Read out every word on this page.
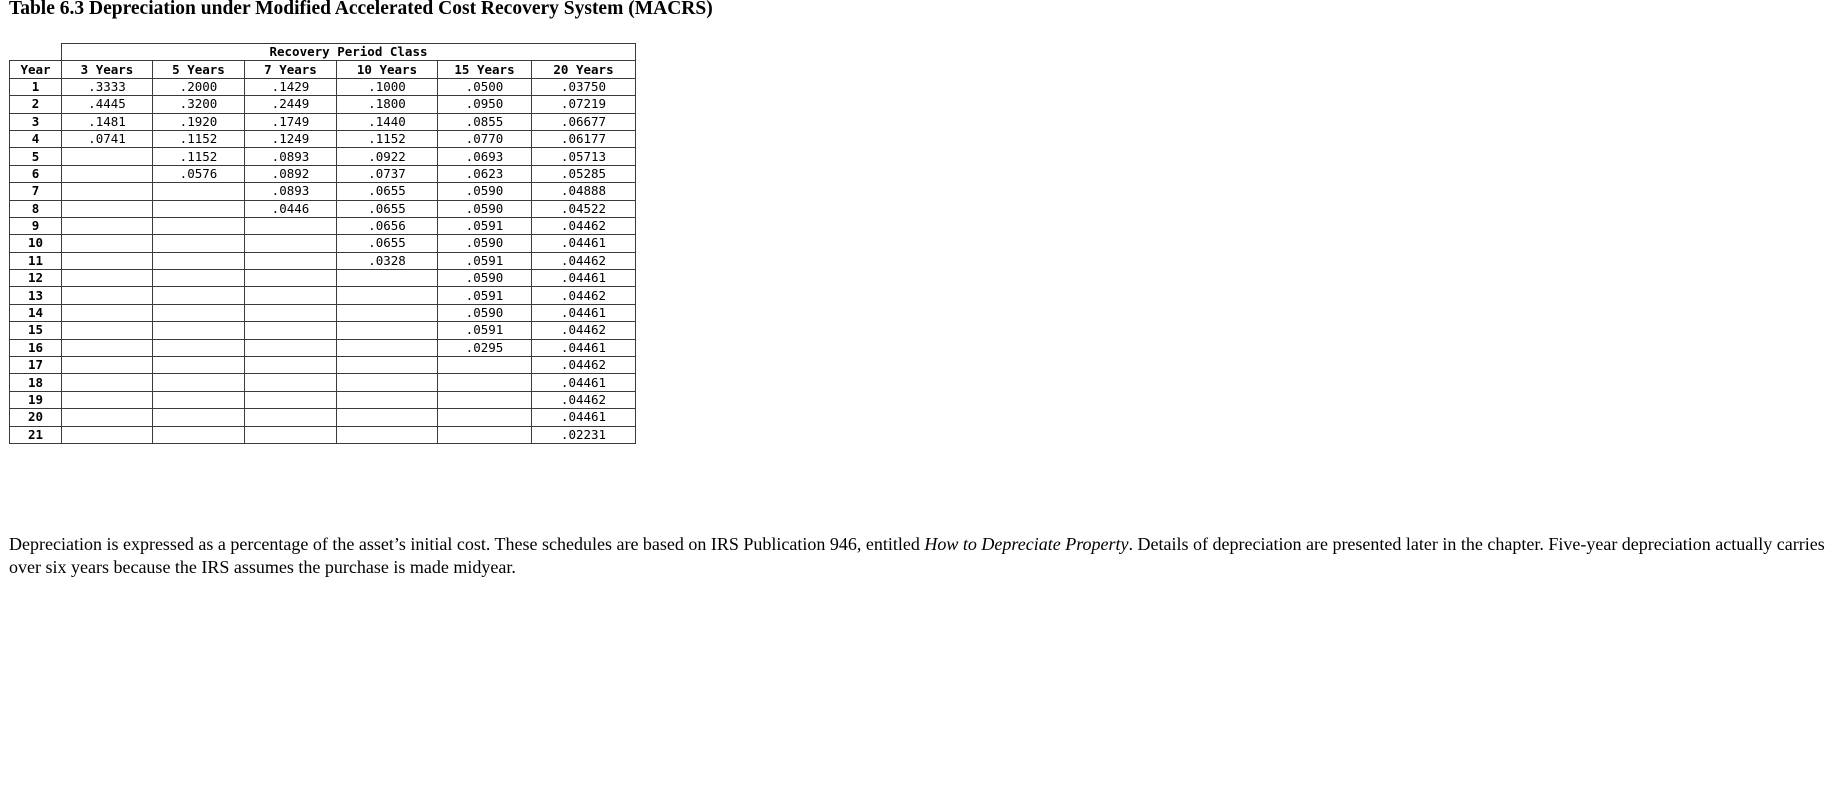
Table 6.3 Depreciation under Modified Accelerated Cost Recovery System (MACRS)
	Recovery Period Class					
Year	3 Years	5 Years	7 Years	10 Years	15 Years	20 Years
1	.3333	.2000	.1429	.1000	.0500	.03750
2	.4445	.3200	.2449	.1800	.0950	.07219
3	.1481	.1920	.1749	.1440	.0855	.06677
4	.0741	.1152	.1249	.1152	.0770	.06177
5		.1152	.0893	.0922	.0693	.05713
6		.0576	.0892	.0737	.0623	.05285
7			.0893	.0655	.0590	.04888
8			.0446	.0655	.0590	.04522
9				.0656	.0591	.04462
10				.0655	.0590	.04461
11				.0328	.0591	.04462
12					.0590	.04461
13					.0591	.04462
14					.0590	.04461
15					.0591	.04462
16					.0295	.04461
17						.04462
18						.04461
19						.04462
20						.04461
21						.02231

Depreciation is expressed as a percentage of the asset’s initial cost. These schedules are based on IRS Publication 946, entitled How to Depreciate Property. Details of depreciation are presented later in the chapter. Five-year depreciation actually carries over six years because the IRS assumes the purchase is made midyear.
